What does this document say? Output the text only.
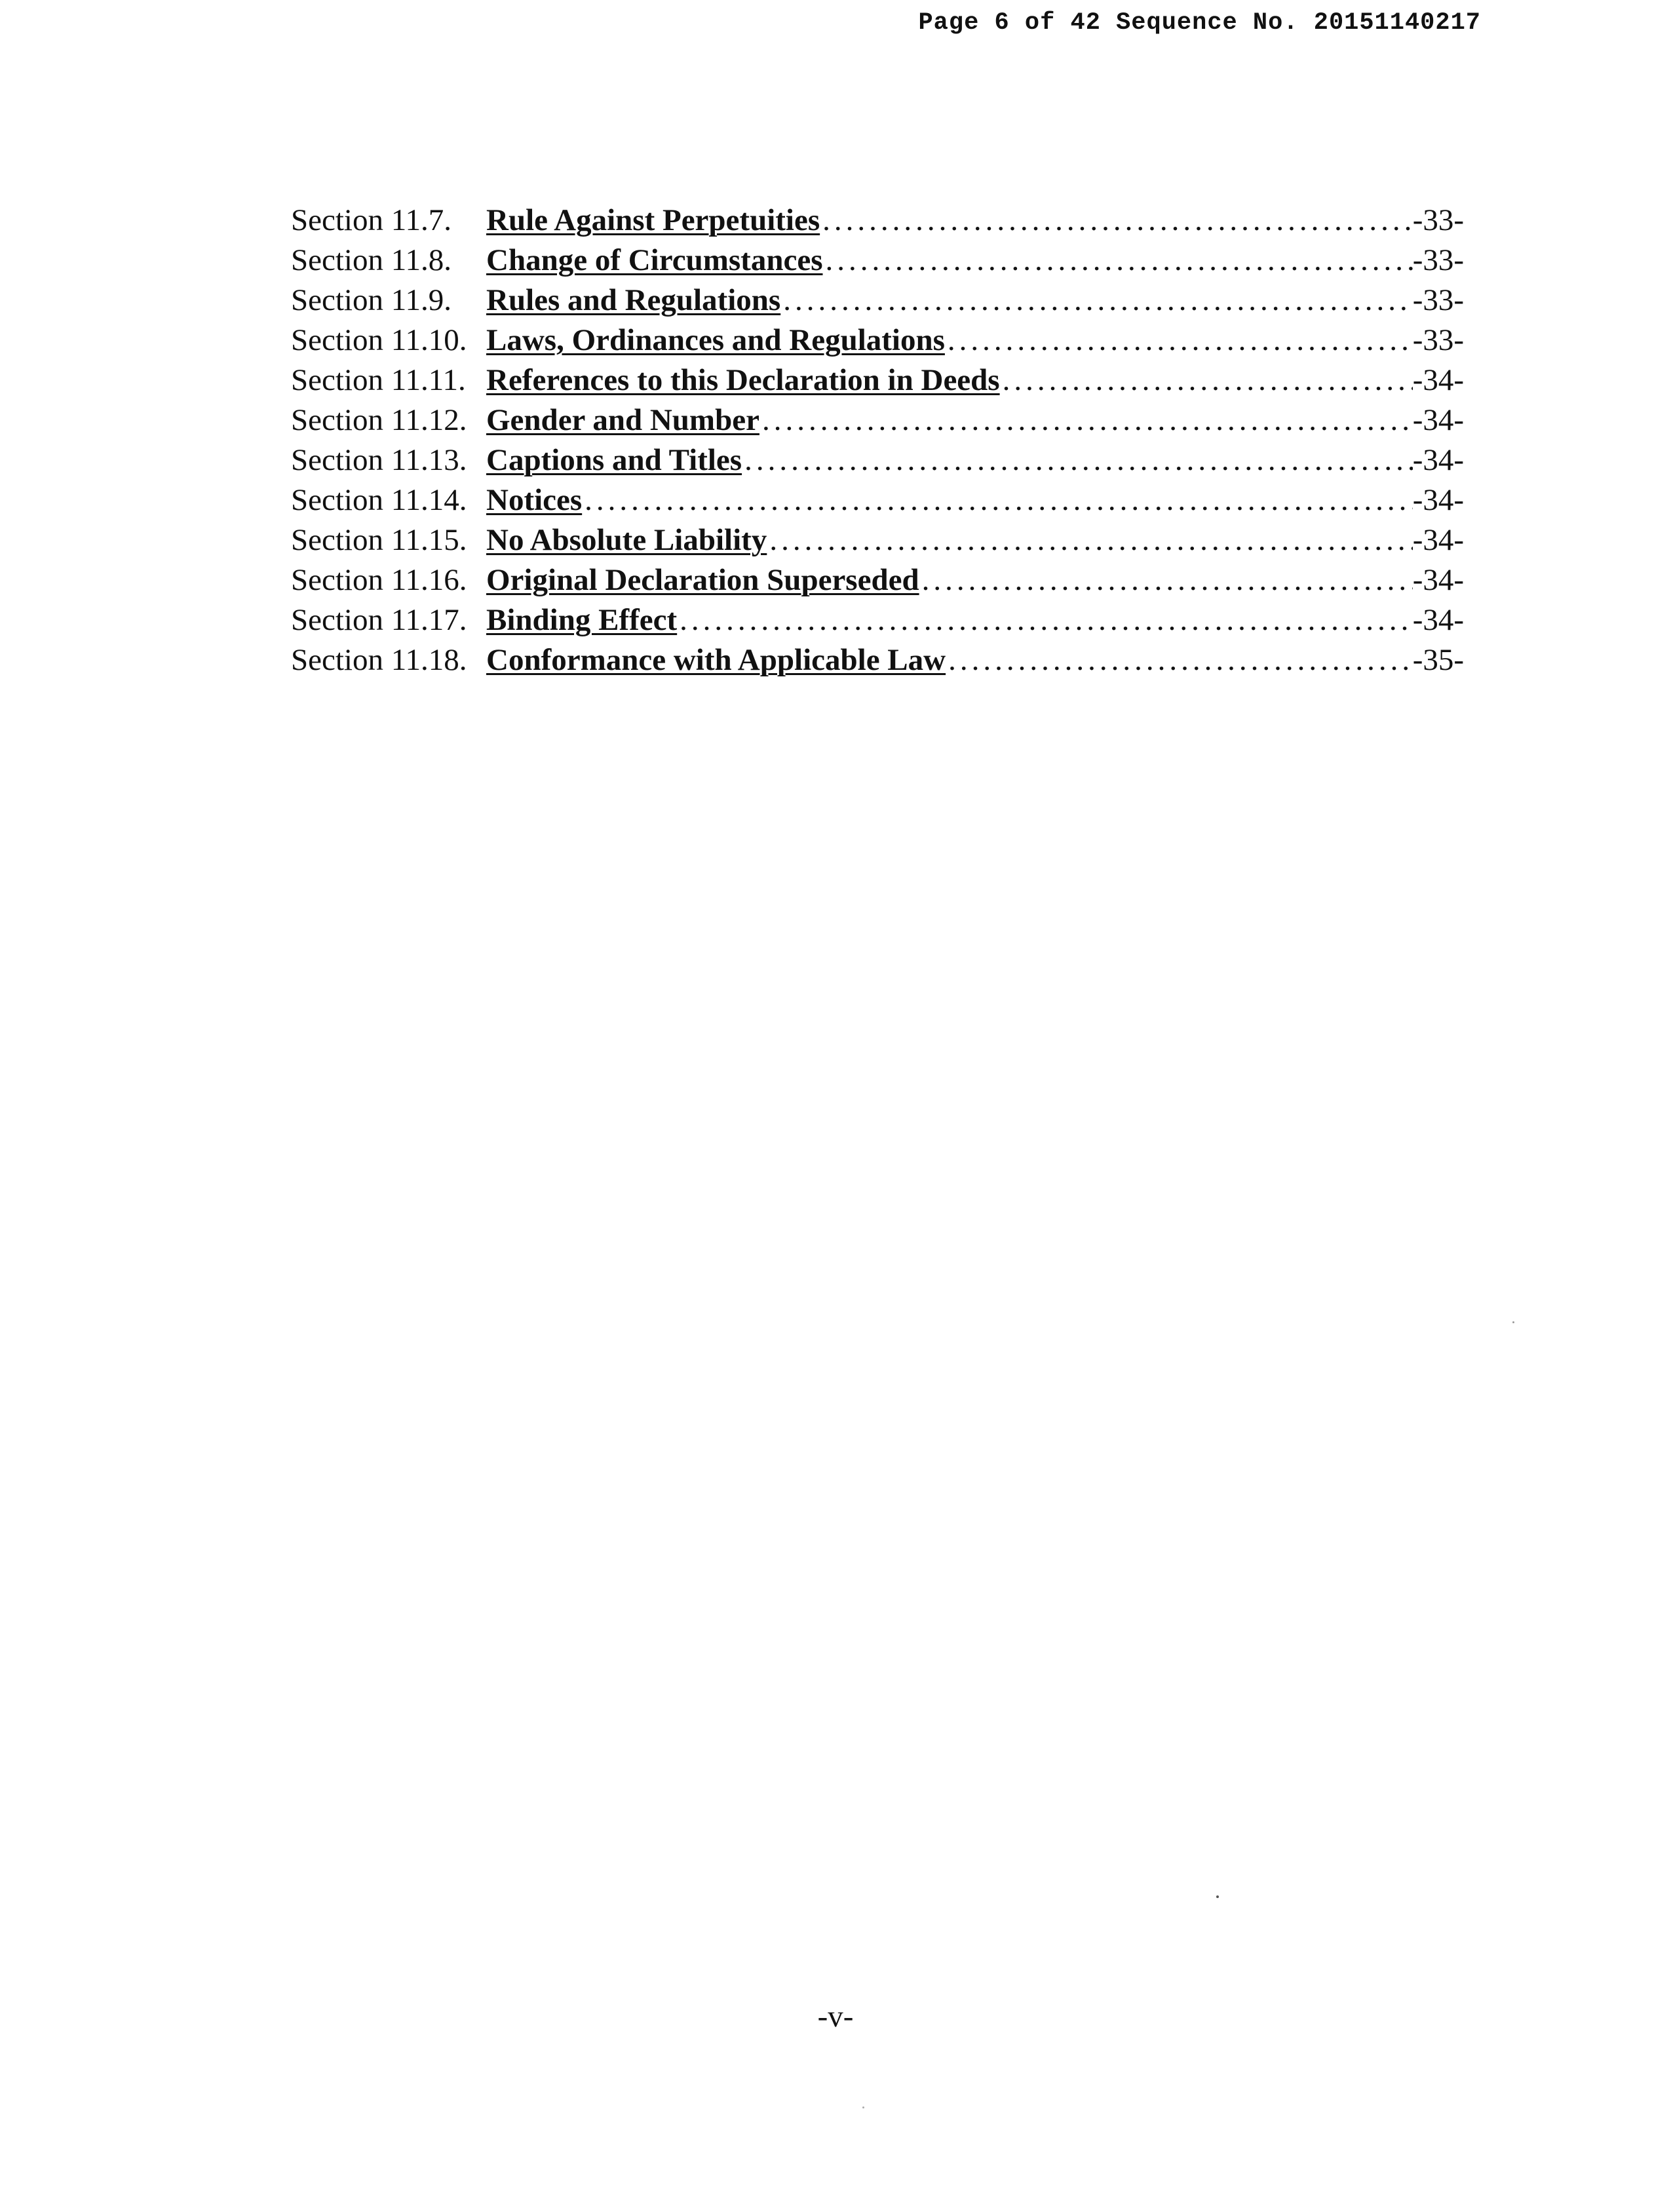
Page 6 of 42 Sequence No. 20151140217
Section 11.7.	Rule Against Perpetuities .....	-33-
Section 11.8.	Change of Circumstances .....	-33-
Section 11.9.	Rules and Regulations .....	-33-
Section 11.10. Laws, Ordinances and Regulations .....	-33-
Section 11.11. References to this Declaration in Deeds .....	-34-
Section 11.12. Gender and Number .....	-34-
Section 11.13. Captions and Titles .....	-34-
Section 11.14. Notices .....	-34-
Section 11.15. No Absolute Liability .....	-34-
Section 11.16. Original Declaration Superseded .....	-34-
Section 11.17. Binding Effect .....	-34-
Section 11.18. Conformance with Applicable Law .....	-35-
-v-
